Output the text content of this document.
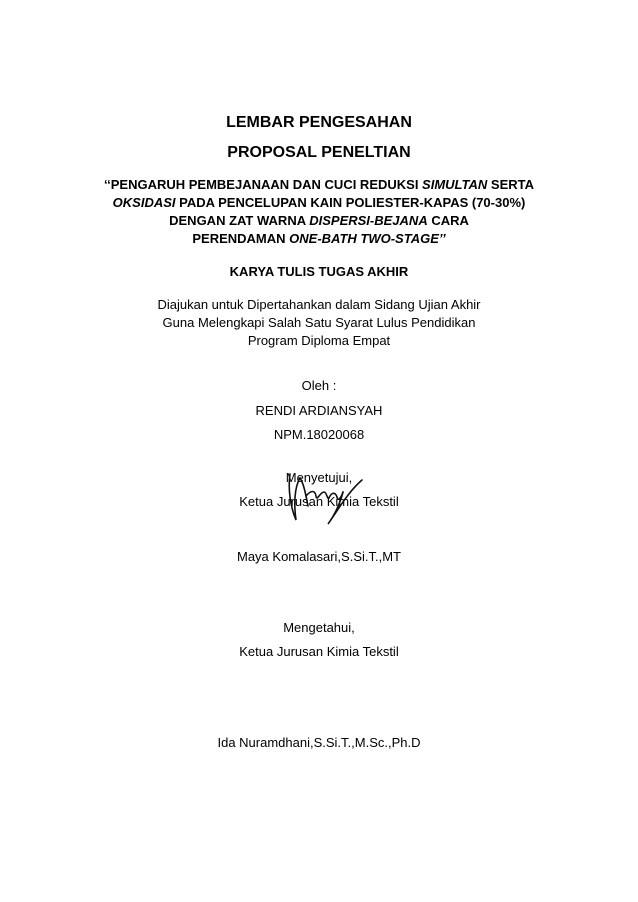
LEMBAR PENGESAHAN
PROPOSAL PENELTIAN
‘‘PENGARUH PEMBEJANAAN DAN CUCI REDUKSI SIMULTAN SERTA
OKSIDASI PADA PENCELUPAN KAIN POLIESTER-KAPAS (70-30%)
DENGAN ZAT WARNA DISPERSI-BEJANA CARA
PERENDAMAN ONE-BATH TWO-STAGE’’
KARYA TULIS TUGAS AKHIR
Diajukan untuk Dipertahankan dalam Sidang Ujian Akhir
Guna Melengkapi Salah Satu Syarat Lulus Pendidikan
Program Diploma Empat
Oleh :
RENDI ARDIANSYAH
NPM.18020068
Menyetujui,
Ketua Jurusan Kimia Tekstil
Maya Komalasari,S.Si.T.,MT
Mengetahui,
Ketua Jurusan Kimia Tekstil
Ida Nuramdhani,S.Si.T.,M.Sc.,Ph.D
